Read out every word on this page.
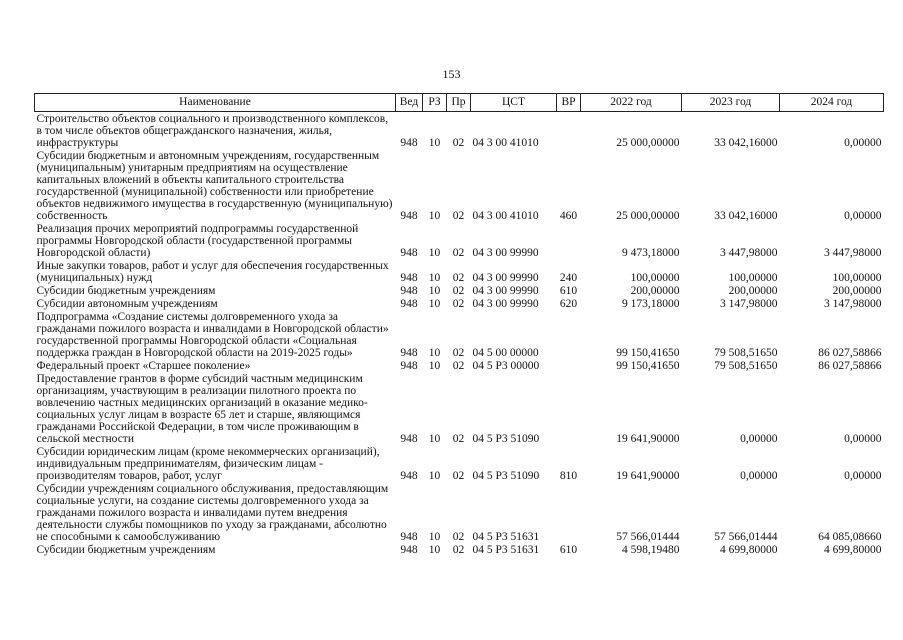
153
Наименование	Вед	РЗ	Пр	ЦСТ	ВР	2022 год	2023 год	2024 год
Строительство объектов социального и производственного комплексов, в том числе объектов общегражданского назначения, жилья, инфраструктуры	948	10	02	04 3 00 41010		25 000,00000	33 042,16000	0,00000
Субсидии бюджетным и автономным учреждениям, государственным (муниципальным) унитарным предприятиям на осуществление капитальных вложений в объекты капитального строительства государственной (муниципальной) собственности или приобретение объектов недвижимого имущества в государственную (муниципальную) собственность	948	10	02	04 3 00 41010	460	25 000,00000	33 042,16000	0,00000
Реализация прочих мероприятий подпрограммы государственной программы Новгородской области (государственной программы Новгородской области)	948	10	02	04 3 00 99990		9 473,18000	3 447,98000	3 447,98000
Иные закупки товаров, работ и услуг для обеспечения государственных (муниципальных) нужд	948	10	02	04 3 00 99990	240	100,00000	100,00000	100,00000
Субсидии бюджетным учреждениям	948	10	02	04 3 00 99990	610	200,00000	200,00000	200,00000
Субсидии автономным учреждениям	948	10	02	04 3 00 99990	620	9 173,18000	3 147,98000	3 147,98000
Подпрограмма «Создание системы долговременного ухода за гражданами пожилого возраста и инвалидами в Новгородской области» государственной программы Новгородской области «Социальная поддержка граждан в Новгородской области на 2019-2025 годы»	948	10	02	04 5 00 00000		99 150,41650	79 508,51650	86 027,58866
Федеральный проект «Старшее поколение»	948	10	02	04 5 P3 00000		99 150,41650	79 508,51650	86 027,58866
Предоставление грантов в форме субсидий частным медицинским организациям, участвующим в реализации пилотного проекта по вовлечению частных медицинских организаций в оказание медико-социальных услуг лицам в возрасте 65 лет и старше, являющимся гражданами Российской Федерации, в том числе проживающим в сельской местности	948	10	02	04 5 P3 51090		19 641,90000	0,00000	0,00000
Субсидии юридическим лицам (кроме некоммерческих организаций), индивидуальным предпринимателям, физическим лицам - производителям товаров, работ, услуг	948	10	02	04 5 P3 51090	810	19 641,90000	0,00000	0,00000
Субсидии учреждениям социального обслуживания, предоставляющим социальные услуги, на создание системы долговременного ухода за гражданами пожилого возраста и инвалидами путем внедрения деятельности службы помощников по уходу за гражданами, абсолютно не способными к самообслуживанию	948	10	02	04 5 P3 51631		57 566,01444	57 566,01444	64 085,08660
Субсидии бюджетным учреждениям	948	10	02	04 5 P3 51631	610	4 598,19480	4 699,80000	4 699,80000
